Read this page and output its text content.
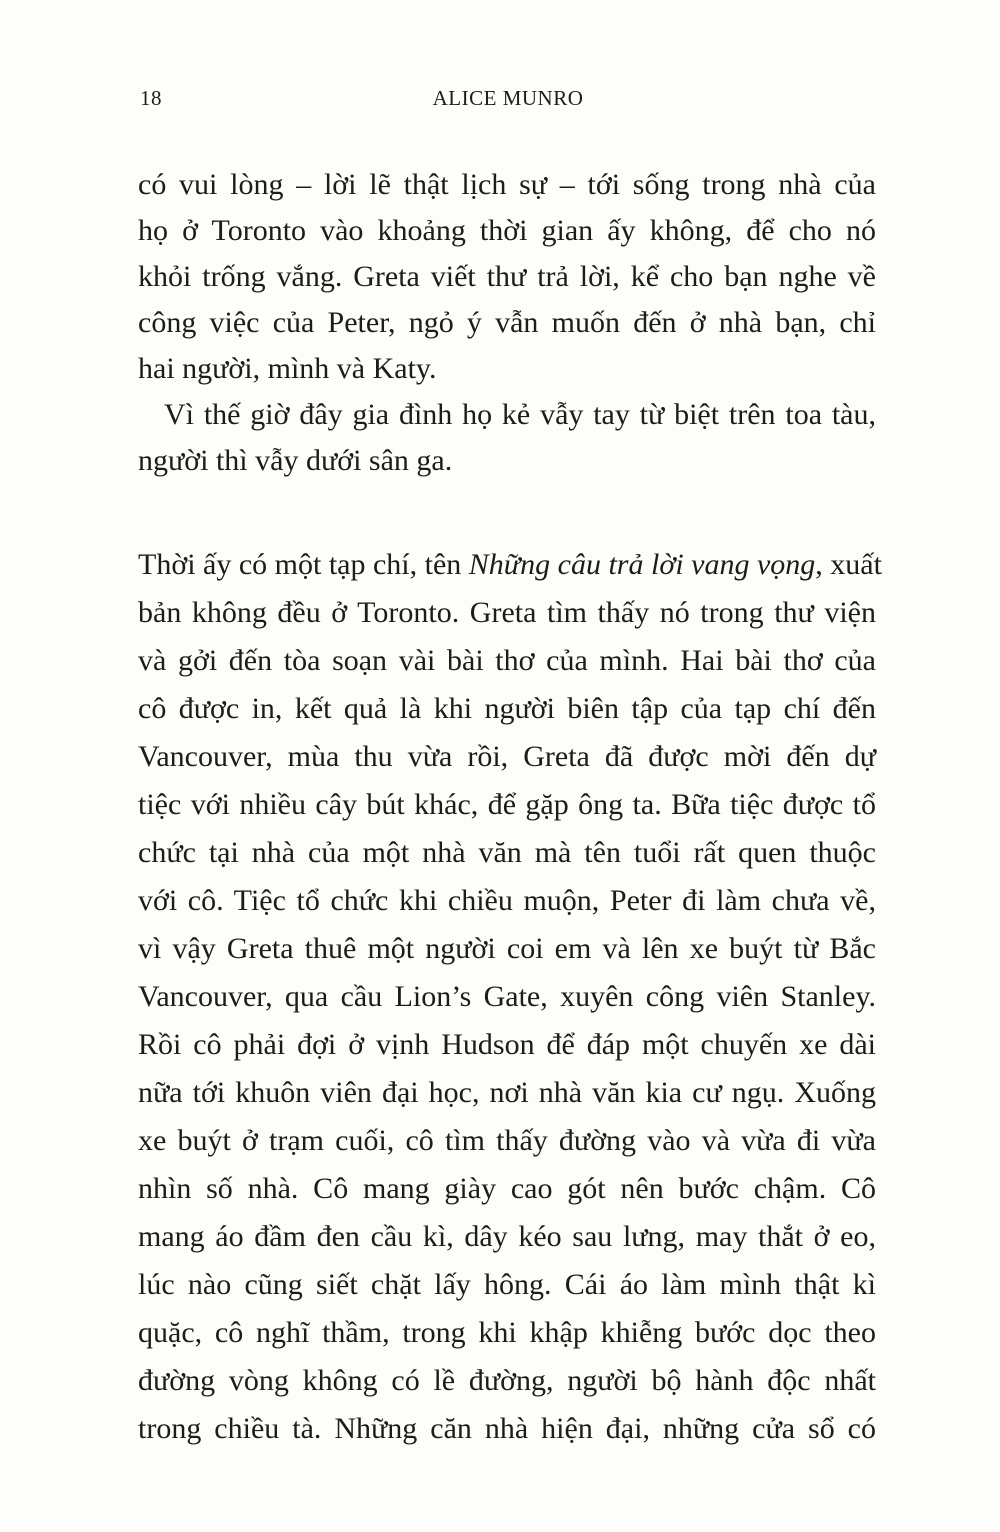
18	ALICE MUNRO
có vui lòng – lời lẽ thật lịch sự – tới sống trong nhà của
họ ở Toronto vào khoảng thời gian ấy không, để cho nó
khỏi trống vắng. Greta viết thư trả lời, kể cho bạn nghe về
công việc của Peter, ngỏ ý vẫn muốn đến ở nhà bạn, chỉ
hai người, mình và Katy.
Vì thế giờ đây gia đình họ kẻ vẫy tay từ biệt trên toa tàu,
người thì vẫy dưới sân ga.
Thời ấy có một tạp chí, tên Những câu trả lời vang vọng, xuất
bản không đều ở Toronto. Greta tìm thấy nó trong thư viện
và gởi đến tòa soạn vài bài thơ của mình. Hai bài thơ của
cô được in, kết quả là khi người biên tập của tạp chí đến
Vancouver, mùa thu vừa rồi, Greta đã được mời đến dự
tiệc với nhiều cây bút khác, để gặp ông ta. Bữa tiệc được tổ
chức tại nhà của một nhà văn mà tên tuổi rất quen thuộc
với cô. Tiệc tổ chức khi chiều muộn, Peter đi làm chưa về,
vì vậy Greta thuê một người coi em và lên xe buýt từ Bắc
Vancouver, qua cầu Lion’s Gate, xuyên công viên Stanley.
Rồi cô phải đợi ở vịnh Hudson để đáp một chuyến xe dài
nữa tới khuôn viên đại học, nơi nhà văn kia cư ngụ. Xuống
xe buýt ở trạm cuối, cô tìm thấy đường vào và vừa đi vừa
nhìn số nhà. Cô mang giày cao gót nên bước chậm. Cô
mang áo đầm đen cầu kì, dây kéo sau lưng, may thắt ở eo,
lúc nào cũng siết chặt lấy hông. Cái áo làm mình thật kì
quặc, cô nghĩ thầm, trong khi khập khiễng bước dọc theo
đường vòng không có lề đường, người bộ hành độc nhất
trong chiều tà. Những căn nhà hiện đại, những cửa sổ có
